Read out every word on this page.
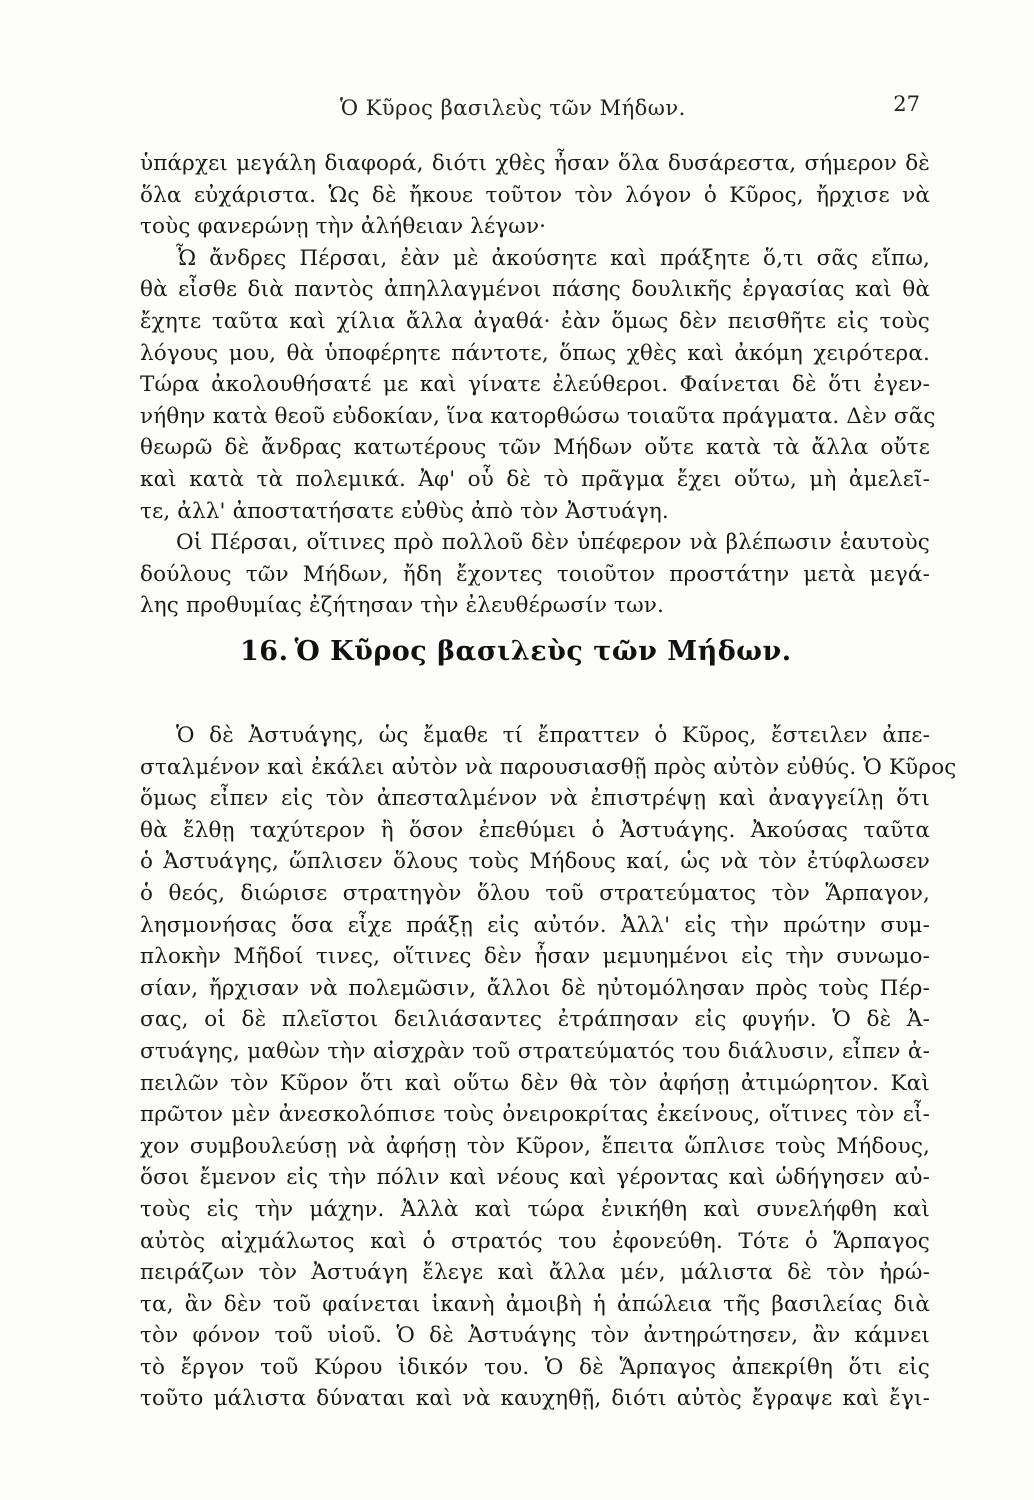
Ὁ Κῦρος βασιλεὺς τῶν Μήδων.	27
ὑπάρχει μεγάλη διαφορά, διότι χθὲς ἦσαν ὅλα δυσάρεστα, σήμερον δὲ
ὅλα εὐχάριστα. Ὡς δὲ ἤκουε τοῦτον τὸν λόγον ὁ Κῦρος, ἤρχισε νὰ
τοὺς φανερώνῃ τὴν ἀλήθειαν λέγων·
Ὦ ἄνδρες Πέρσαι, ἐὰν μὲ ἀκούσητε καὶ πράξητε ὅ,τι σᾶς εἴπω,
θὰ εἶσθε διὰ παντὸς ἀπηλλαγμένοι πάσης δουλικῆς ἐργασίας καὶ θὰ
ἔχητε ταῦτα καὶ χίλια ἄλλα ἀγαθά· ἐὰν ὅμως δὲν πεισθῆτε εἰς τοὺς
λόγους μου, θὰ ὑποφέρητε πάντοτε, ὅπως χθὲς καὶ ἀκόμη χειρότερα.
Τώρα ἀκολουθήσατέ με καὶ γίνατε ἐλεύθεροι. Φαίνεται δὲ ὅτι ἐγεν-
νήθην κατὰ θεοῦ εὐδοκίαν, ἵνα κατορθώσω τοιαῦτα πράγματα. Δὲν σᾶς
θεωρῶ δὲ ἄνδρας κατωτέρους τῶν Μήδων οὔτε κατὰ τὰ ἄλλα οὔτε
καὶ κατὰ τὰ πολεμικά. Ἀφ' οὗ δὲ τὸ πρᾶγμα ἔχει οὕτω, μὴ ἀμελεῖ-
τε, ἀλλ' ἀποστατήσατε εὐθὺς ἀπὸ τὸν Ἀστυάγη.
Οἱ Πέρσαι, οἵτινες πρὸ πολλοῦ δὲν ὑπέφερον νὰ βλέπωσιν ἑαυτοὺς
δούλους τῶν Μήδων, ἤδη ἔχοντες τοιοῦτον προστάτην μετὰ μεγά-
λης προθυμίας ἐζήτησαν τὴν ἐλευθέρωσίν των.
16. Ὁ Κῦρος βασιλεὺς τῶν Μήδων.
Ὁ δὲ Ἀστυάγης, ὡς ἔμαθε τί ἔπραττεν ὁ Κῦρος, ἔστειλεν ἀπε-
σταλμένον καὶ ἐκάλει αὐτὸν νὰ παρουσιασθῇ πρὸς αὐτὸν εὐθύς. Ὁ Κῦρος
ὅμως εἶπεν εἰς τὸν ἀπεσταλμένον νὰ ἐπιστρέψῃ καὶ ἀναγγείλῃ ὅτι
θὰ ἔλθῃ ταχύτερον ἢ ὅσον ἐπεθύμει ὁ Ἀστυάγης. Ἀκούσας ταῦτα
ὁ Ἀστυάγης, ὥπλισεν ὅλους τοὺς Μήδους καί, ὡς νὰ τὸν ἐτύφλωσεν
ὁ θεός, διώρισε στρατηγὸν ὅλου τοῦ στρατεύματος τὸν Ἅρπαγον,
λησμονήσας ὅσα εἶχε πράξῃ εἰς αὐτόν. Ἀλλ' εἰς τὴν πρώτην συμ-
πλοκὴν Μῆδοί τινες, οἵτινες δὲν ἦσαν μεμυημένοι εἰς τὴν συνωμο-
σίαν, ἤρχισαν νὰ πολεμῶσιν, ἄλλοι δὲ ηὐτομόλησαν πρὸς τοὺς Πέρ-
σας, οἱ δὲ πλεῖστοι δειλιάσαντες ἐτράπησαν εἰς φυγήν. Ὁ δὲ Ἀ-
στυάγης, μαθὼν τὴν αἰσχρὰν τοῦ στρατεύματός του διάλυσιν, εἶπεν ἀ-
πειλῶν τὸν Κῦρον ὅτι καὶ οὕτω δὲν θὰ τὸν ἀφήσῃ ἀτιμώρητον. Καὶ
πρῶτον μὲν ἀνεσκολόπισε τοὺς ὀνειροκρίτας ἐκείνους, οἵτινες τὸν εἶ-
χον συμβουλεύσῃ νὰ ἀφήσῃ τὸν Κῦρον, ἔπειτα ὥπλισε τοὺς Μήδους,
ὅσοι ἔμενον εἰς τὴν πόλιν καὶ νέους καὶ γέροντας καὶ ὡδήγησεν αὐ-
τοὺς εἰς τὴν μάχην. Ἀλλὰ καὶ τώρα ἐνικήθη καὶ συνελήφθη καὶ
αὐτὸς αἰχμάλωτος καὶ ὁ στρατός του ἐφονεύθη. Τότε ὁ Ἅρπαγος
πειράζων τὸν Ἀστυάγη ἔλεγε καὶ ἄλλα μέν, μάλιστα δὲ τὸν ἠρώ-
τα, ἂν δὲν τοῦ φαίνεται ἱκανὴ ἀμοιβὴ ἡ ἀπώλεια τῆς βασιλείας διὰ
τὸν φόνον τοῦ υἱοῦ. Ὁ δὲ Ἀστυάγης τὸν ἀντηρώτησεν, ἂν κάμνει
τὸ ἔργον τοῦ Κύρου ἰδικόν του. Ὁ δὲ Ἅρπαγος ἀπεκρίθη ὅτι εἰς
τοῦτο μάλιστα δύναται καὶ νὰ καυχηθῇ, διότι αὐτὸς ἔγραψε καὶ ἔγι-
